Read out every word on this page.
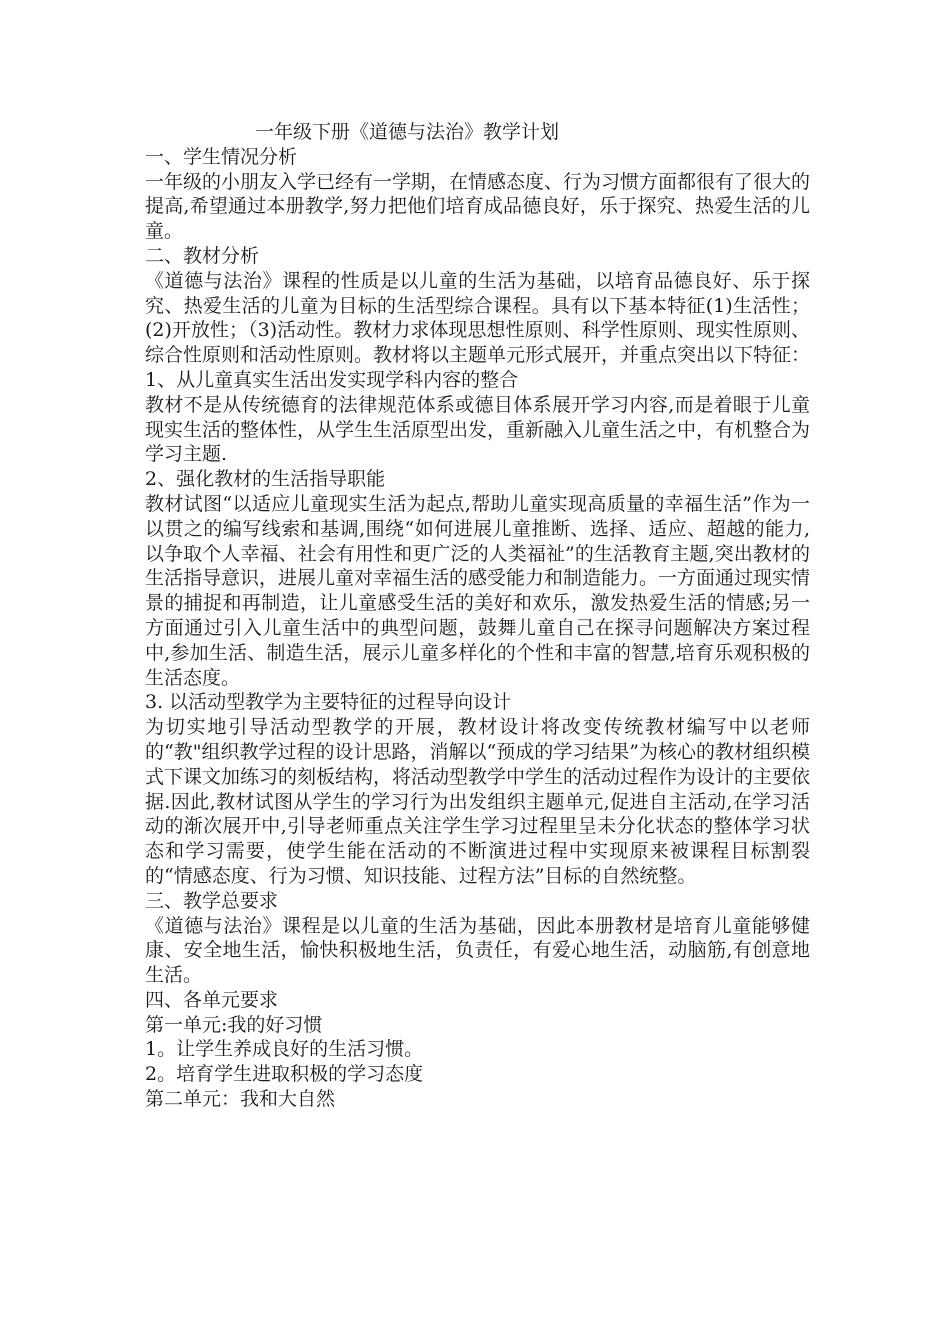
一年级下册《道德与法治》教学计划
一、学生情况分析
一年级的小朋友入学已经有一学期，在情感态度、行为习惯方面都很有了很大的提高,希望通过本册教学,努力把他们培育成品德良好，乐于探究、热爱生活的儿童。
二、教材分析
《道德与法治》课程的性质是以儿童的生活为基础，以培育品德良好、乐于探究、热爱生活的儿童为目标的生活型综合课程。具有以下基本特征(1)生活性；(2)开放性；（3)活动性。教材力求体现思想性原则、科学性原则、现实性原则、综合性原则和活动性原则。教材将以主题单元形式展开，并重点突出以下特征：
1、从儿童真实生活出发实现学科内容的整合
教材不是从传统德育的法律规范体系或德目体系展开学习内容,而是着眼于儿童现实生活的整体性，从学生生活原型出发，重新融入儿童生活之中，有机整合为学习主题.
2、强化教材的生活指导职能
教材试图“以适应儿童现实生活为起点,帮助儿童实现高质量的幸福生活”作为一以贯之的编写线索和基调,围绕“如何进展儿童推断、选择、适应、超越的能力,以争取个人幸福、社会有用性和更广泛的人类福祉”的生活教育主题,突出教材的生活指导意识，进展儿童对幸福生活的感受能力和制造能力。一方面通过现实情景的捕捉和再制造，让儿童感受生活的美好和欢乐，激发热爱生活的情感;另一方面通过引入儿童生活中的典型问题，鼓舞儿童自己在探寻问题解决方案过程中,参加生活、制造生活，展示儿童多样化的个性和丰富的智慧,培育乐观积极的生活态度。
3. 以活动型教学为主要特征的过程导向设计
为切实地引导活动型教学的开展，教材设计将改变传统教材编写中以老师的“教"组织教学过程的设计思路，消解以“预成的学习结果”为核心的教材组织模式下课文加练习的刻板结构，将活动型教学中学生的活动过程作为设计的主要依据.因此,教材试图从学生的学习行为出发组织主题单元,促进自主活动,在学习活动的渐次展开中,引导老师重点关注学生学习过程里呈未分化状态的整体学习状态和学习需要，使学生能在活动的不断演进过程中实现原来被课程目标割裂的“情感态度、行为习惯、知识技能、过程方法”目标的自然统整。
三、教学总要求
《道德与法治》课程是以儿童的生活为基础，因此本册教材是培育儿童能够健康、安全地生活，愉快积极地生活，负责任，有爱心地生活，动脑筋,有创意地生活。
四、各单元要求
第一单元:我的好习惯
1。让学生养成良好的生活习惯。
2。培育学生进取积极的学习态度
第二单元：我和大自然
